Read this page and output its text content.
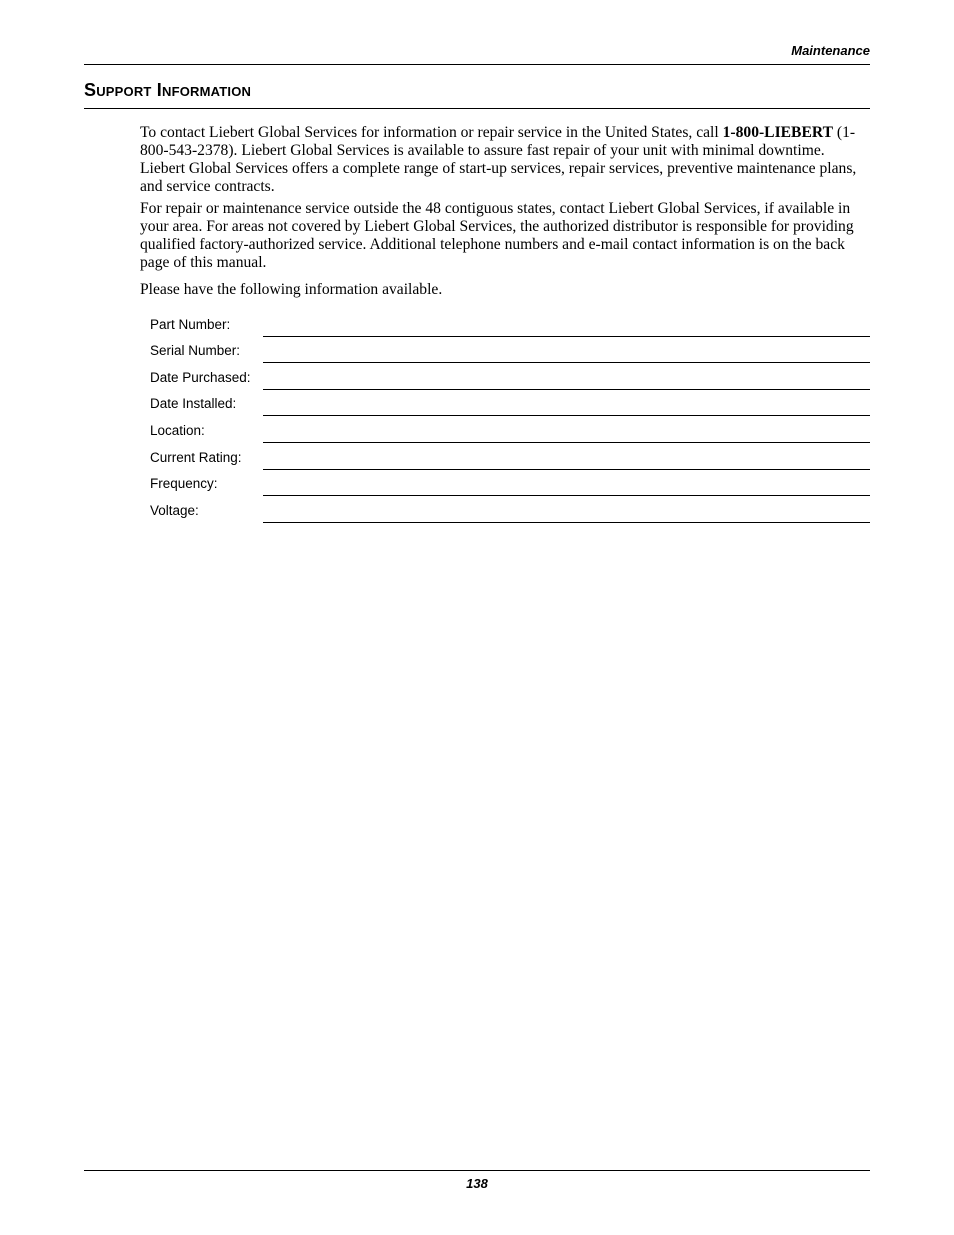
Maintenance
Support Information

To contact Liebert Global Services for information or repair service in the United States, call 1-800-LIEBERT (1-800-543-2378). Liebert Global Services is available to assure fast repair of your unit with minimal downtime. Liebert Global Services offers a complete range of start-up services, repair services, preventive maintenance plans, and service contracts.

For repair or maintenance service outside the 48 contiguous states, contact Liebert Global Services, if available in your area. For areas not covered by Liebert Global Services, the authorized distributor is responsible for providing qualified factory-authorized service. Additional telephone numbers and e-mail contact information is on the back page of this manual.

Please have the following information available.

Part Number:
Serial Number:
Date Purchased:
Date Installed:
Location:
Current Rating:
Frequency:
Voltage:
138
